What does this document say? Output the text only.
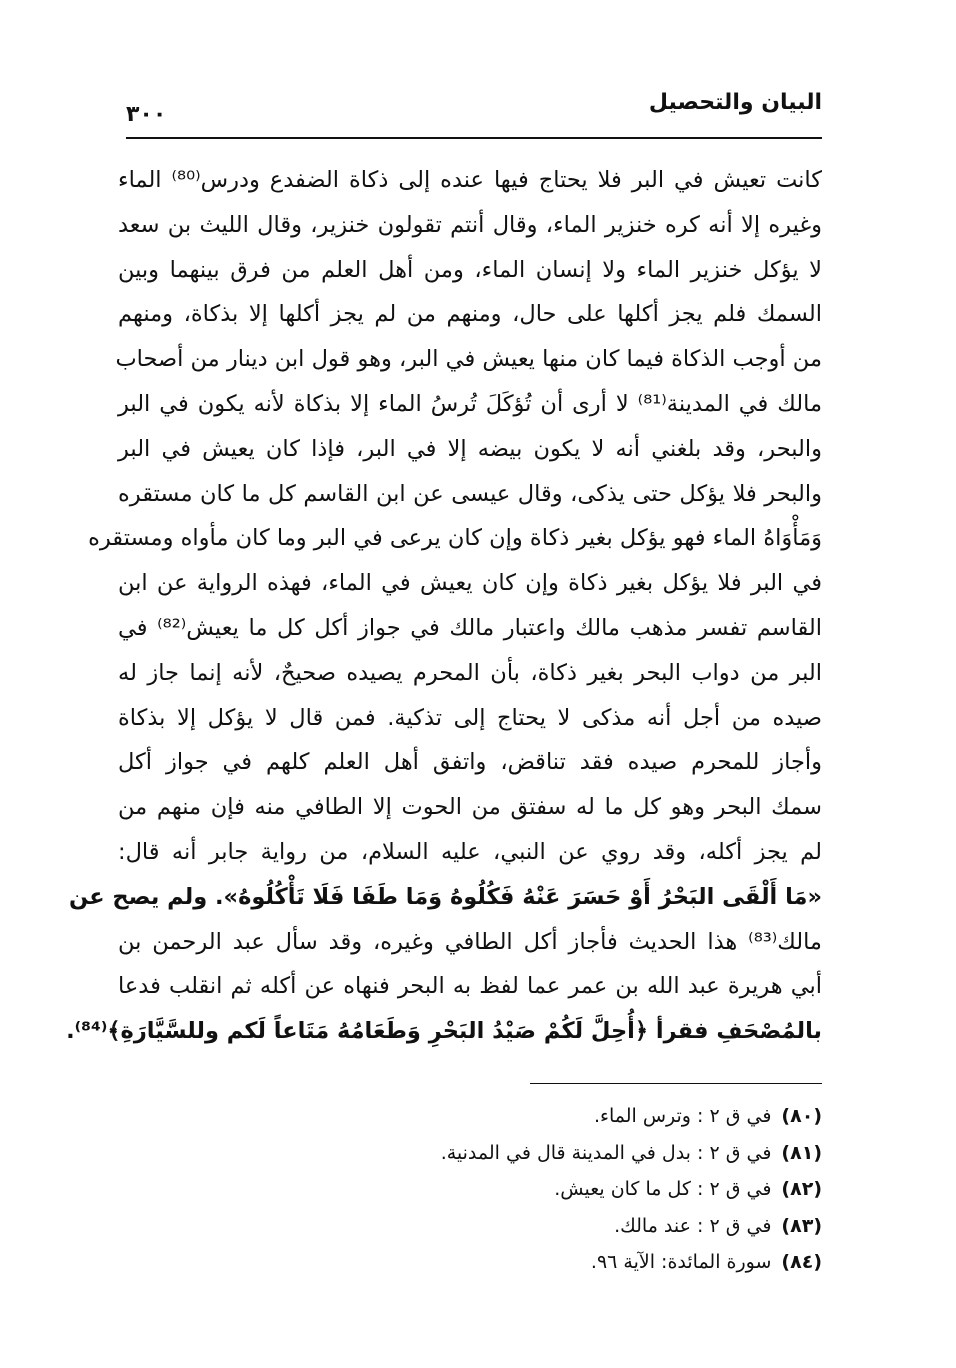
البيان والتحصيل
٣٠٠
كانت تعيش في البر فلا يحتاج فيها عنده إلى ذكاة الضفدع ودرس⁽⁸⁰⁾ الماء
وغيره إلا أنه كره خنزير الماء، وقال أنتم تقولون خنزير، وقال الليث بن سعد
لا يؤكل خنزير الماء ولا إنسان الماء، ومن أهل العلم من فرق بينهما وبين
السمك فلم يجز أكلها على حال، ومنهم من لم يجز أكلها إلا بذكاة، ومنهم
من أوجب الذكاة فيما كان منها يعيش في البر، وهو قول ابن دينار من أصحاب
مالك في المدينة⁽⁸¹⁾ لا أرى أن تُؤكَلَ تُرسُ الماء إلا بذكاة لأنه يكون في البر
والبحر، وقد بلغني أنه لا يكون بيضه إلا في البر، فإذا كان يعيش في البر
والبحر فلا يؤكل حتى يذكى، وقال عيسى عن ابن القاسم كل ما كان مستقره
وَمَأْوَاهُ الماء فهو يؤكل بغير ذكاة وإن كان يرعى في البر وما كان مأواه ومستقره
في البر فلا يؤكل بغير ذكاة وإن كان يعيش في الماء، فهذه الرواية عن ابن
القاسم تفسر مذهب مالك واعتبار مالك في جواز أكل كل ما يعيش⁽⁸²⁾ في
البر من دواب البحر بغير ذكاة، بأن المحرم يصيده صحيحٌ، لأنه إنما جاز له
صيده من أجل أنه مذكى لا يحتاج إلى تذكية. فمن قال لا يؤكل إلا بذكاة
وأجاز للمحرم صيده فقد تناقض، واتفق أهل العلم كلهم في جواز أكل
سمك البحر وهو كل ما له سفتق من الحوت إلا الطافي منه فإن منهم من
لم يجز أكله، وقد روي عن النبي، عليه السلام، من رواية جابر أنه قال:
«مَا أَلْقَى البَحْرُ أَوْ حَسَرَ عَنْهُ فَكُلُوهُ وَمَا طَفَا فَلَا تَأْكُلُوهُ». ولم يصح عن
مالك⁽⁸³⁾ هذا الحديث فأجاز أكل الطافي وغيره، وقد سأل عبد الرحمن بن
أبي هريرة عبد الله بن عمر عما لفظ به البحر فنهاه عن أكله ثم انقلب فدعا
بالمُصْحَفِ فقرأ ﴿أُحِلَّ لَكُمْ صَيْدُ البَحْرِ وَطَعَامُهُ مَتَاعاً لَكم وللسَّيَّارَةِ﴾⁽⁸⁴⁾.
(٨٠)في ق ٢ : وترس الماء.
(٨١)في ق ٢ : بدل في المدينة قال في المدنية.
(٨٢)في ق ٢ : كل ما كان يعيش.
(٨٣)في ق ٢ : عند مالك.
(٨٤)سورة المائدة: الآية ٩٦.
